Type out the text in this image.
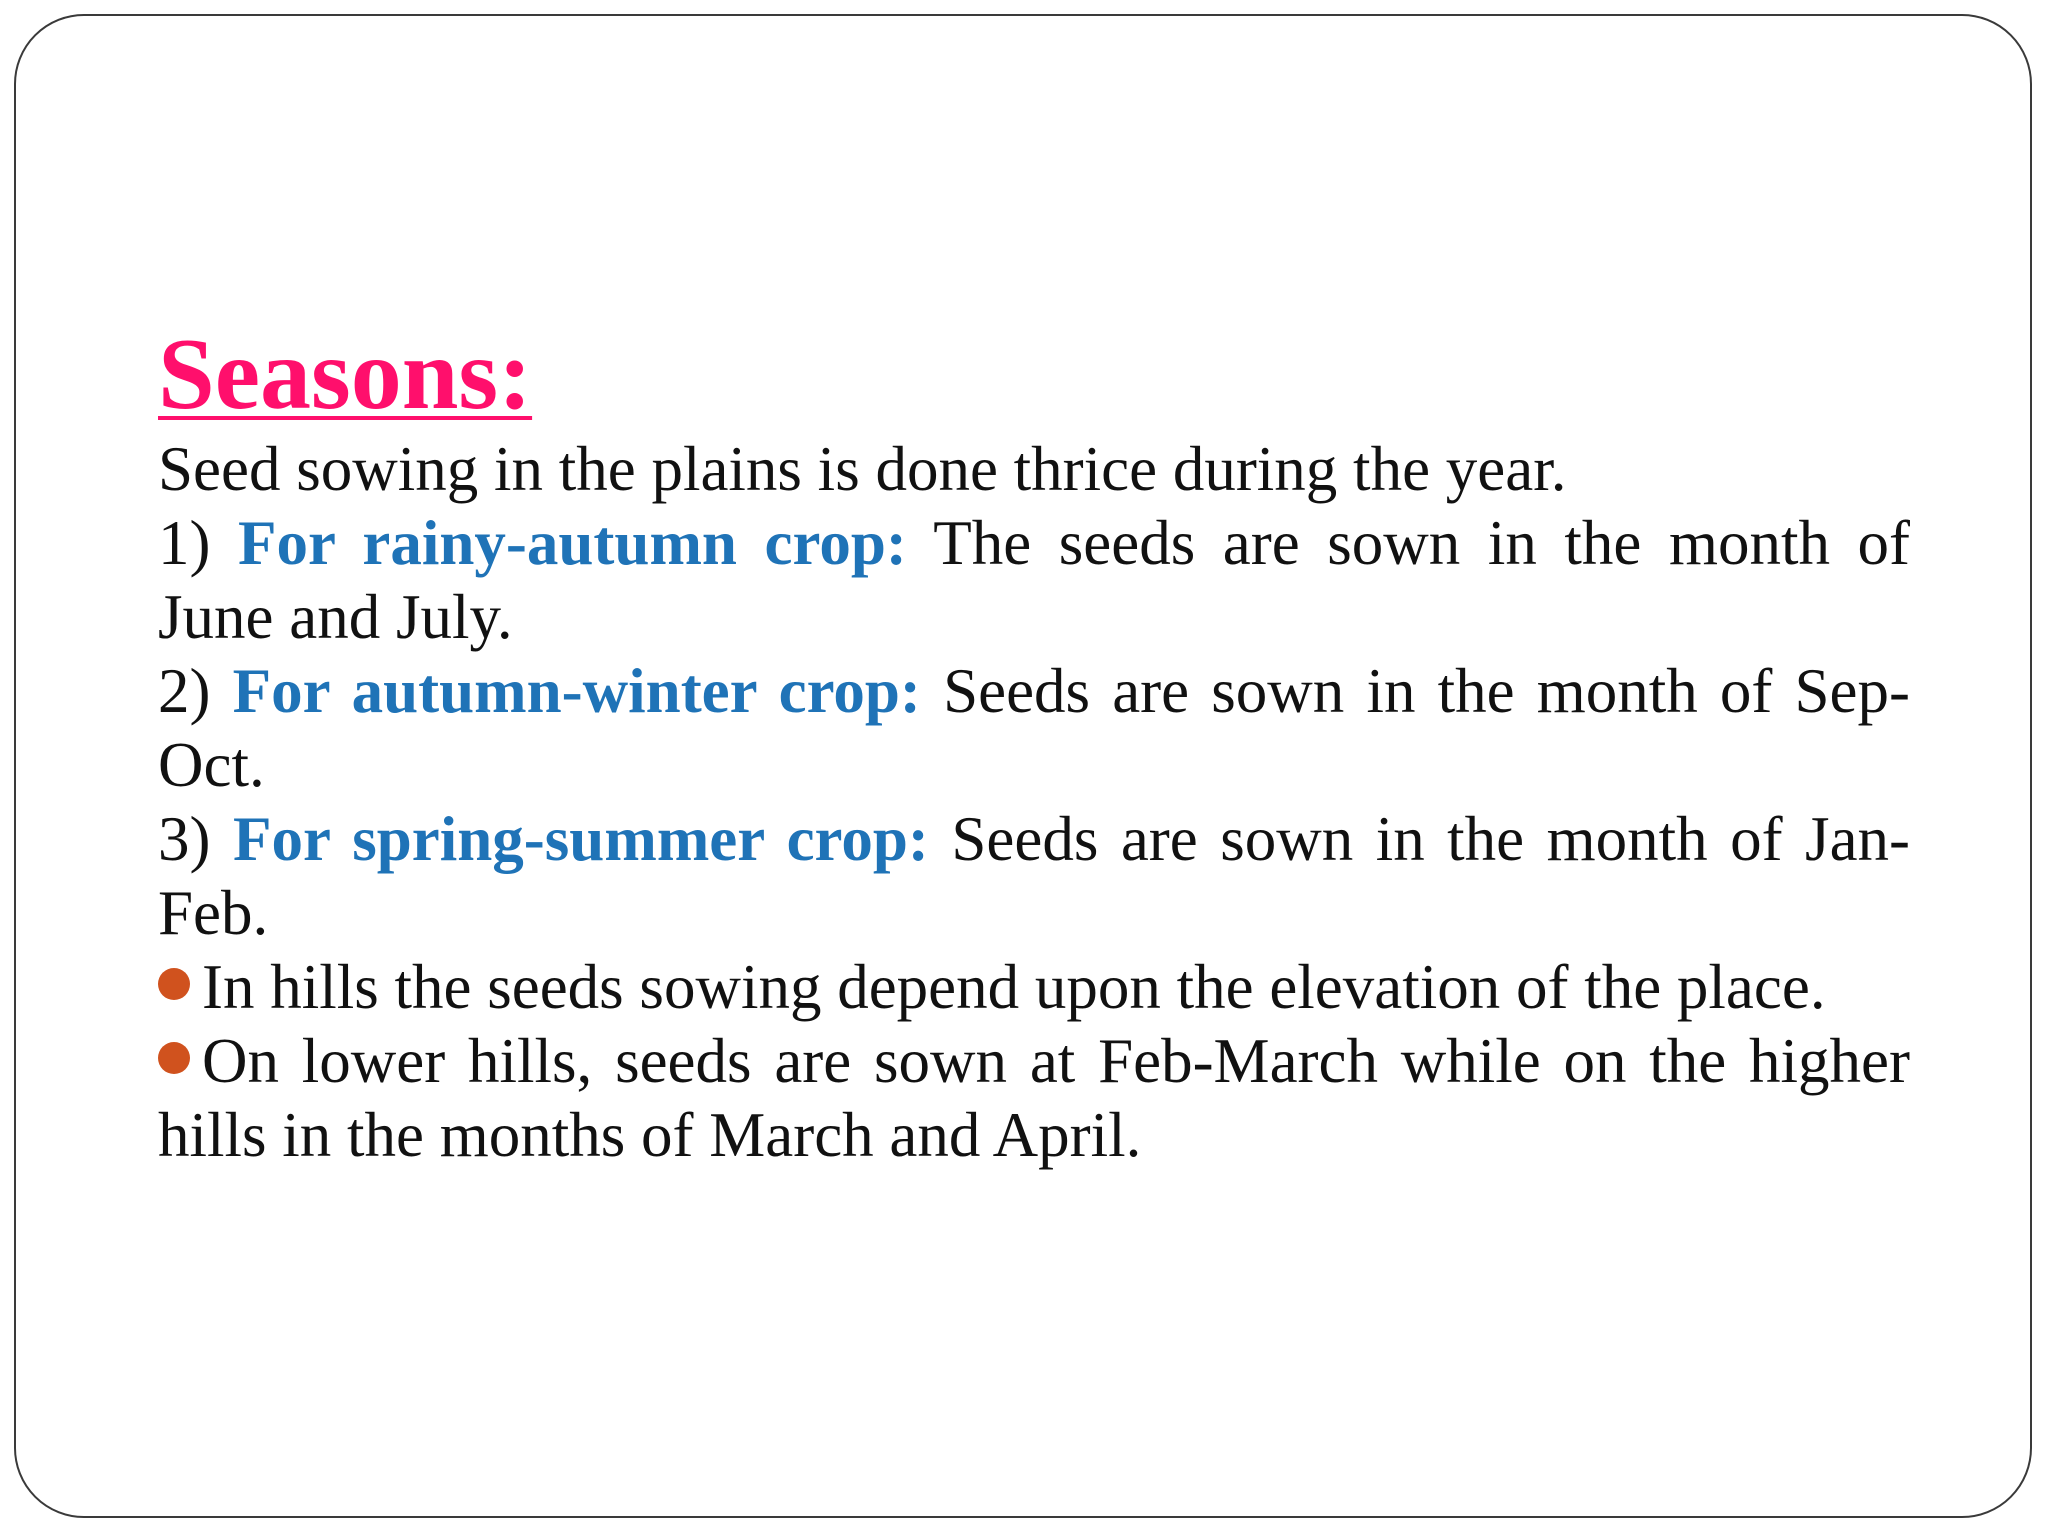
Seasons:

Seed sowing in the plains is done thrice during the year.

1) For rainy-autumn crop: The seeds are sown in the month of June and July.

2) For autumn-winter crop: Seeds are sown in the month of Sep-Oct.

3) For spring-summer crop: Seeds are sown in the month of Jan-Feb.

In hills the seeds sowing depend upon the elevation of the place.

On lower hills, seeds are sown at Feb-March while on the higher hills in the months of March and April.
